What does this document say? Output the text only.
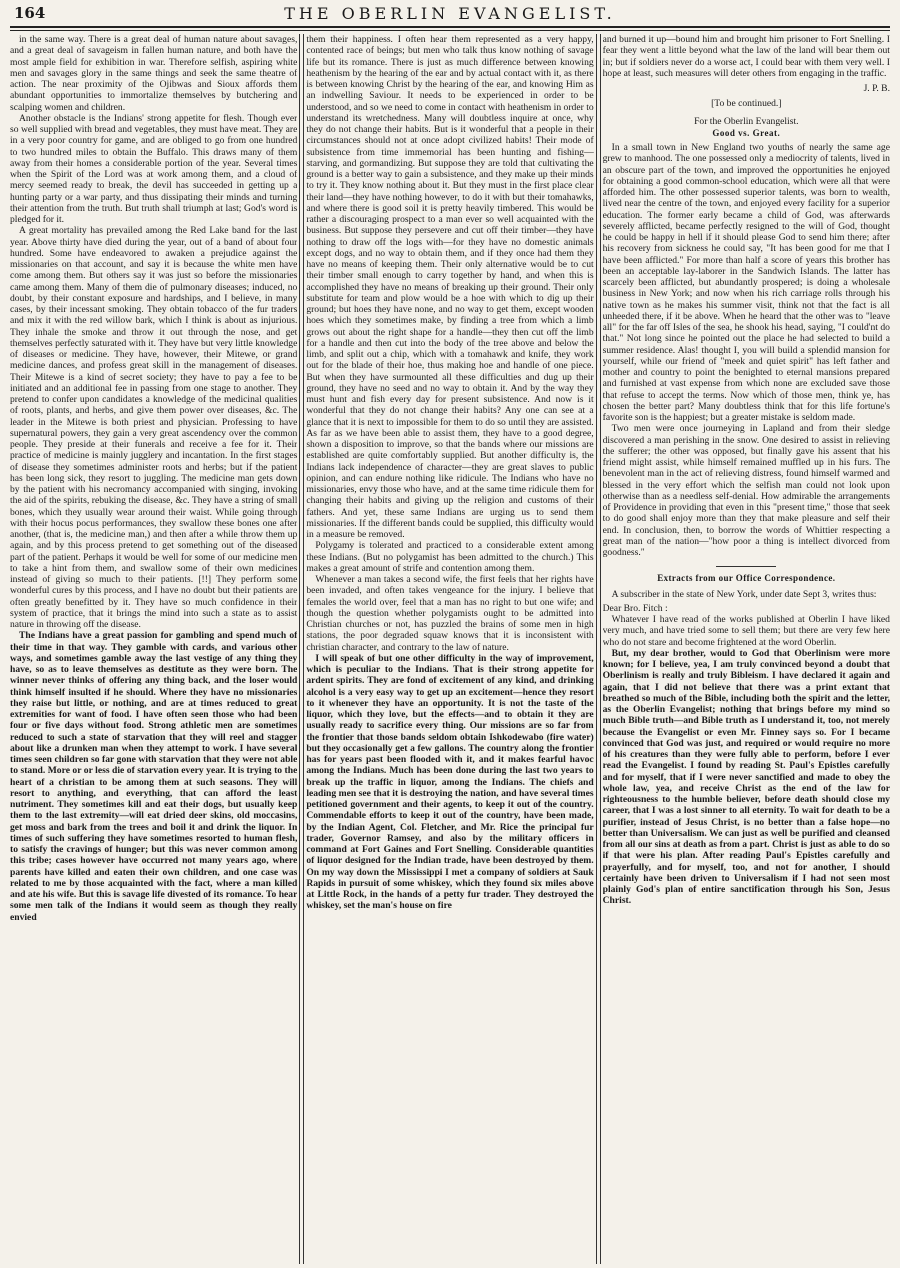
164	THE OBERLIN EVANGELIST.

in the same way. There is a great deal of human nature about savages, and a great deal of savageism in fallen human nature, and both have the most ample field for exhibition in war. Therefore selfish, aspiring white men and savages glory in the same things and seek the same theatre of action. The near proximity of the Ojibwas and Sioux affords them abundant opportunities to immortalize themselves by butchering and scalping women and children.

Another obstacle is the Indians' strong appetite for flesh. Though ever so well supplied with bread and vegetables, they must have meat. They are in a very poor country for game, and are obliged to go from one hundred to two hundred miles to obtain the Buffalo. This draws many of them away from their homes a considerable portion of the year. Several times when the Spirit of the Lord was at work among them, and a cloud of mercy seemed ready to break, the devil has succeeded in getting up a hunting party or a war party, and thus dissipating their minds and turning their attention from the truth. But truth shall triumph at last; God's word is pledged for it.

A great mortality has prevailed among the Red Lake band for the last year. Above thirty have died during the year, out of a band of about four hundred. Some have endeavored to awaken a prejudice against the missionaries on that account, and say it is because the white men have come among them. But others say it was just so before the missionaries came among them. Many of them die of pulmonary diseases; induced, no doubt, by their constant exposure and hardships, and I believe, in many cases, by their incessant smoking. They obtain tobacco of the fur traders and mix it with the red willow bark, which I think is about as injurious. They inhale the smoke and throw it out through the nose, and get themselves perfectly saturated with it. They have but very little knowledge of diseases or medicine. They have, however, their Mitewe, or grand medicine dances, and profess great skill in the management of diseases. Their Mitewe is a kind of secret society; they have to pay a fee to be initiated and an additional fee in passing from one stage to another. They pretend to confer upon candidates a knowledge of the medicinal qualities of roots, plants, and herbs, and give them power over diseases, &c. The leader in the Mitewe is both priest and physician. Professing to have supernatural powers, they gain a very great ascendency over the common people. They preside at their funerals and receive a fee for it. Their practice of medicine is mainly jugglery and incantation. In the first stages of disease they sometimes administer roots and herbs; but if the patient has been long sick, they resort to juggling. The medicine man gets down by the patient with his necromancy accompanied with singing, invoking the aid of the spirits, rebuking the disease, &c. They have a string of small bones, which they usually wear around their waist. While going through with their hocus pocus performances, they swallow these bones one after another, (that is, the medicine man,) and then after a while throw them up again, and by this process pretend to get something out of the diseased part of the patient. Perhaps it would be well for some of our medicine men to take a hint from them, and swallow some of their own medicines instead of giving so much to their patients. [!!] They perform some wonderful cures by this process, and I have no doubt but their patients are often greatly benefitted by it. They have so much confidence in their system of practice, that it brings the mind into such a state as to assist nature in throwing off the disease.

The Indians have a great passion for gambling and spend much of their time in that way. They gamble with cards, and various other ways, and sometimes gamble away the last vestige of any thing they have, so as to leave themselves as destitute as they were born. The winner never thinks of offering any thing back, and the loser would think himself insulted if he should. Where they have no missionaries they raise but little, or nothing, and are at times reduced to great extremities for want of food. I have often seen those who had been four or five days without food. Strong athletic men are sometimes reduced to such a state of starvation that they will reel and stagger about like a drunken man when they attempt to work. I have several times seen children so far gone with starvation that they were not able to stand. More or or less die of starvation every year. It is trying to the heart of a christian to be among them at such seasons. They will resort to anything, and everything, that can afford the least nutriment. They sometimes kill and eat their dogs, but usually keep them to the last extremity—will eat dried deer skins, old moccasins, get moss and bark from the trees and boil it and drink the liquor. In times of such suffering they have sometimes resorted to human flesh, to satisfy the cravings of hunger; but this was never common among this tribe; cases however have occurred not many years ago, where parents have killed and eaten their own children, and one case was related to me by those acquainted with the fact, where a man killed and ate his wife. But this is savage life divested of its romance. To hear some men talk of the Indians it would seem as though they really envied

them their happiness. I often hear them represented as a very happy, contented race of beings; but men who talk thus know nothing of savage life but its romance. There is just as much difference between knowing heathenism by the hearing of the ear and by actual contact with it, as there is between knowing Christ by the hearing of the ear, and knowing Him as an indwelling Saviour. It needs to be experienced in order to be understood, and so we need to come in contact with heathenism in order to understand its wretchedness. Many will doubtless inquire at once, why they do not change their habits. But is it wonderful that a people in their circumstances should not at once adopt civilized habits! Their mode of subsistence from time immemorial has been hunting and fishing—starving, and gormandizing. But suppose they are told that cultivating the ground is a better way to gain a subsistence, and they make up their minds to try it. They know nothing about it. But they must in the first place clear their land—they have nothing however, to do it with but their tomahawks, and where there is good soil it is pretty heavily timbered. This would be rather a discouraging prospect to a man ever so well acquainted with the business. But suppose they persevere and cut off their timber—they have nothing to draw off the logs with—for they have no domestic animals except dogs, and no way to obtain them, and if they once had them they have no means of keeping them. Their only alternative would be to cut their timber small enough to carry together by hand, and when this is accomplished they have no means of breaking up their ground. Their only substitute for team and plow would be a hoe with which to dig up their ground; but hoes they have none, and no way to get them, except wooden hoes which they sometimes make, by finding a tree from which a limb grows out about the right shape for a handle—they then cut off the limb for a handle and then cut into the body of the tree above and below the limb, and split out a chip, which with a tomahawk and knife, they work out for the blade of their hoe, thus making hoe and handle of one piece. But when they have surmounted all these difficulties and dug up their ground, they have no seed and no way to obtain it. And by the way they must hunt and fish every day for present subsistence. And now is it wonderful that they do not change their habits? Any one can see at a glance that it is next to impossible for them to do so until they are assisted. As far as we have been able to assist them, they have to a good degree, shown a disposition to improve, so that the bands where our missions are established are quite comfortably supplied. But another difficulty is, the Indians lack independence of character—they are great slaves to public opinion, and can endure nothing like ridicule. The Indians who have no missionaries, envy those who have, and at the same time ridicule them for changing their habits and giving up the religion and customs of their fathers. And yet, these same Indians are urging us to send them missionaries. If the different bands could be supplied, this difficulty would in a measure be removed.

Polygamy is tolerated and practiced to a considerable extent among these Indians. (But no polygamist has been admitted to the church.) This makes a great amount of strife and contention among them.

Whenever a man takes a second wife, the first feels that her rights have been invaded, and often takes vengeance for the injury. I believe that females the world over, feel that a man has no right to but one wife; and though the question whether polygamists ought to be admitted into Christian churches or not, has puzzled the brains of some men in high stations, the poor degraded squaw knows that it is inconsistent with christian character, and contrary to the law of nature.

I will speak of but one other difficulty in the way of improvement, which is peculiar to the Indians. That is their strong appetite for ardent spirits. They are fond of excitement of any kind, and drinking alcohol is a very easy way to get up an excitement—hence they resort to it whenever they have an opportunity. It is not the taste of the liquor, which they love, but the effects—and to obtain it they are usually ready to sacrifice every thing. Our missions are so far from the frontier that those bands seldom obtain Ishkodewabo (fire water) but they occasionally get a few gallons. The country along the frontier has for years past been flooded with it, and it makes fearful havoc among the Indians. Much has been done during the last two years to break up the traffic in liquor, among the Indians. The chiefs and leading men see that it is destroying the nation, and have several times petitioned government and their agents, to keep it out of the country. Commendable efforts to keep it out of the country, have been made, by the Indian Agent, Col. Fletcher, and Mr. Rice the principal fur trader, Governor Ramsey, and also by the military officers in command at Fort Gaines and Fort Snelling. Considerable quantities of liquor designed for the Indian trade, have been destroyed by them. On my way down the Mississippi I met a company of soldiers at Sauk Rapids in pursuit of some whiskey, which they found six miles above at Little Rock, in the hands of a petty fur trader. They destroyed the whiskey, set the man's house on fire

and burned it up—bound him and brought him prisoner to Fort Snelling. I fear they went a little beyond what the law of the land will bear them out in; but if soldiers never do a worse act, I could bear with them very well. I hope at least, such measures will deter others from engaging in the traffic.

J. P. B.

[To be continued.]

For the Oberlin Evangelist.

Good vs. Great.

In a small town in New England two youths of nearly the same age grew to manhood. The one possessed only a mediocrity of talents, lived in an obscure part of the town, and improved the opportunities he enjoyed for obtaining a good common-school education, which were all that were afforded him. The other possessed superior talents, was born to wealth, lived near the centre of the town, and enjoyed every facility for a superior education. The former early became a child of God, was afterwards severely afflicted, became perfectly resigned to the will of God, thought he could be happy in hell if it should please God to send him there; after his recovery from sickness he could say, "It has been good for me that I have been afflicted." For more than half a score of years this brother has been an acceptable lay-laborer in the Sandwich Islands. The latter has scarcely been afflicted, but abundantly prospered; is doing a wholesale business in New York; and now when his rich carriage rolls through his native town as he makes his summer visit, think not that the fact is all unheeded there, if it be above. When he heard that the other was to "leave all" for the far off Isles of the sea, he shook his head, saying, "I could'nt do that." Not long since he pointed out the place he had selected to build a summer residence. Alas! thought I, you will build a splendid mansion for yourself, while our friend of "meek and quiet spirit" has left father and mother and country to point the benighted to eternal mansions prepared and furnished at vast expense from which none are excluded save those that refuse to accept the terms. Now which of those men, think ye, has chosen the better part? Many doubtless think that for this life fortune's favorite son is the happiest; but a greater mistake is seldom made.

Two men were once journeying in Lapland and from their sledge discovered a man perishing in the snow. One desired to assist in relieving the sufferer; the other was opposed, but finally gave his assent that his friend might assist, while himself remained muffled up in his furs. The benevolent man in the act of relieving distress, found himself warmed and blessed in the very effort which the selfish man could not look upon otherwise than as a needless self-denial. How admirable the arrangements of Providence in providing that even in this "present time," those that seek to do good shall enjoy more than they that make pleasure and self their end. In conclusion, then, to borrow the words of Whittier respecting a great man of the nation—"how poor a thing is intellect divorced from goodness."

Extracts from our Office Correspondence.

A subscriber in the state of New York, under date Sept 3, writes thus:

Dear Bro. Fitch :

Whatever I have read of the works published at Oberlin I have liked very much, and have tried some to sell them; but there are very few here who do not stare and become frightened at the word Oberlin.

But, my dear brother, would to God that Oberlinism were more known; for I believe, yea, I am truly convinced beyond a doubt that Oberlinism is really and truly Bibleism. I have declared it again and again, that I did not believe that there was a print extant that breathed so much of the Bible, including both the spirit and the letter, as the Oberlin Evangelist; nothing that brings before my mind so much Bible truth—and Bible truth as I understand it, too, not merely because the Evangelist or even Mr. Finney says so. For I became convinced that God was just, and required or would require no more of his creatures than they were fully able to perform, before I ever read the Evangelist. I found by reading St. Paul's Epistles carefully and for myself, that if I were never sanctified and made to obey the whole law, yea, and receive Christ as the end of the law for righteousness to the humble believer, before death should close my career, that I was a lost sinner to all eternity. To wait for death to be a purifier, instead of Jesus Christ, is no better than a false hope—no better than Universalism. We can just as well be purified and cleansed from all our sins at death as from a part. Christ is just as able to do so if that were his plan. After reading Paul's Epistles carefully and prayerfully, and for myself, too, and not for another, I should certainly have been driven to Universalism if I had not seen most plainly God's plan of entire sanctification through his Son, Jesus Christ.
